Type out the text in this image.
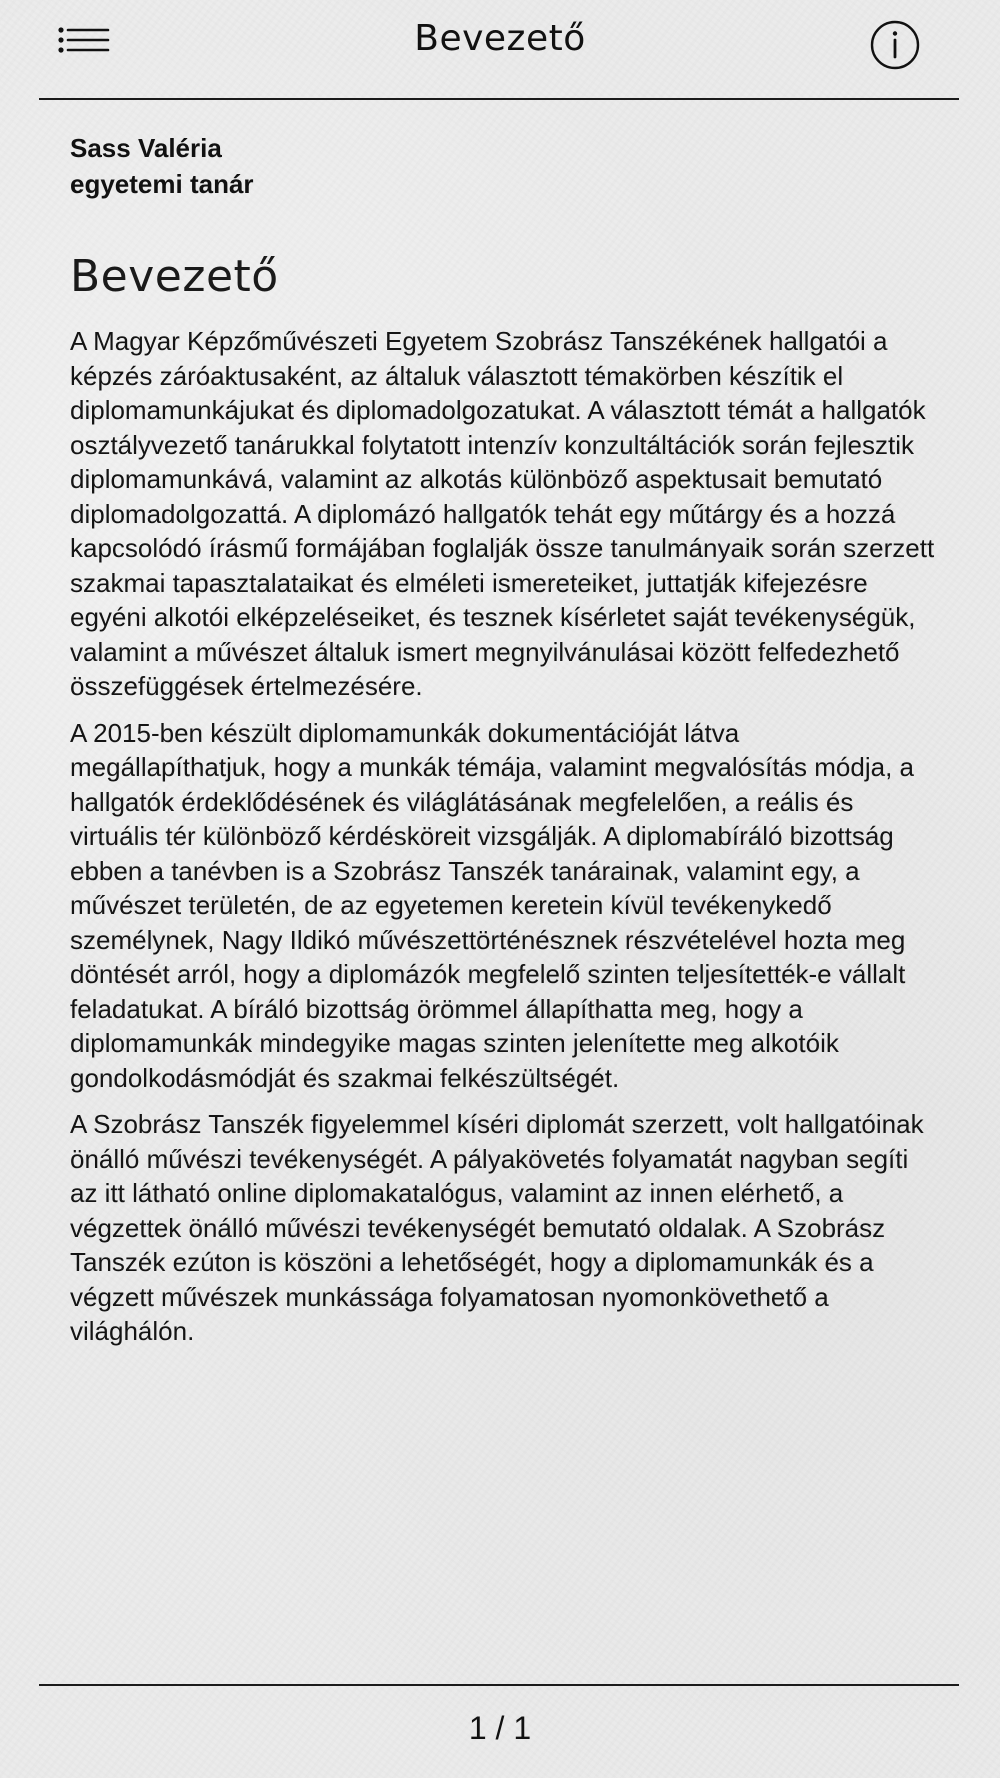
Bevezető
Sass Valéria
egyetemi tanár
Bevezető

A Magyar Képzőművészeti Egyetem Szobrász Tanszékének hallgatói a képzés záróaktusaként, az általuk választott témakörben készítik el diplomamunkájukat és diplomadolgozatukat. A választott témát a hallgatók osztályvezető tanárukkal folytatott intenzív konzultáltációk során fejlesztik diplomamunkává, valamint az alkotás különböző aspektusait bemutató diplomadolgozattá. A diplomázó hallgatók tehát egy műtárgy és a hozzá kapcsolódó írásmű formájában foglalják össze tanulmányaik során szerzett szakmai tapasztalataikat és elméleti ismereteiket, juttatják kifejezésre egyéni alkotói elképzeléseiket, és tesznek kísérletet saját tevékenységük, valamint a művészet általuk ismert megnyilvánulásai között felfedezhető összefüggések értelmezésére.

A 2015-ben készült diplomamunkák dokumentációját látva megállapíthatjuk, hogy a munkák témája, valamint megvalósítás módja, a hallgatók érdeklődésének és világlátásának megfelelően, a reális és virtuális tér különböző kérdésköreit vizsgálják. A diplomabíráló bizottság ebben a tanévben is a Szobrász Tanszék tanárainak, valamint egy, a művészet területén, de az egyetemen keretein kívül tevékenykedő személynek, Nagy Ildikó művészettörténésznek részvételével hozta meg döntését arról, hogy a diplomázók megfelelő szinten teljesítették-e vállalt feladatukat. A bíráló bizottság örömmel állapíthatta meg, hogy a diplomamunkák mindegyike magas szinten jelenítette meg alkotóik gondolkodásmódját és szakmai felkészültségét.

A Szobrász Tanszék figyelemmel kíséri diplomát szerzett, volt hallgatóinak önálló művészi tevékenységét. A pályakövetés folyamatát nagyban segíti az itt látható online diplomakatalógus, valamint az innen elérhető, a végzettek önálló művészi tevékenységét bemutató oldalak. A Szobrász Tanszék ezúton is köszöni a lehetőségét, hogy a diplomamunkák és a végzett művészek munkássága folyamatosan nyomonkövethető a világhálón.

1 / 1
